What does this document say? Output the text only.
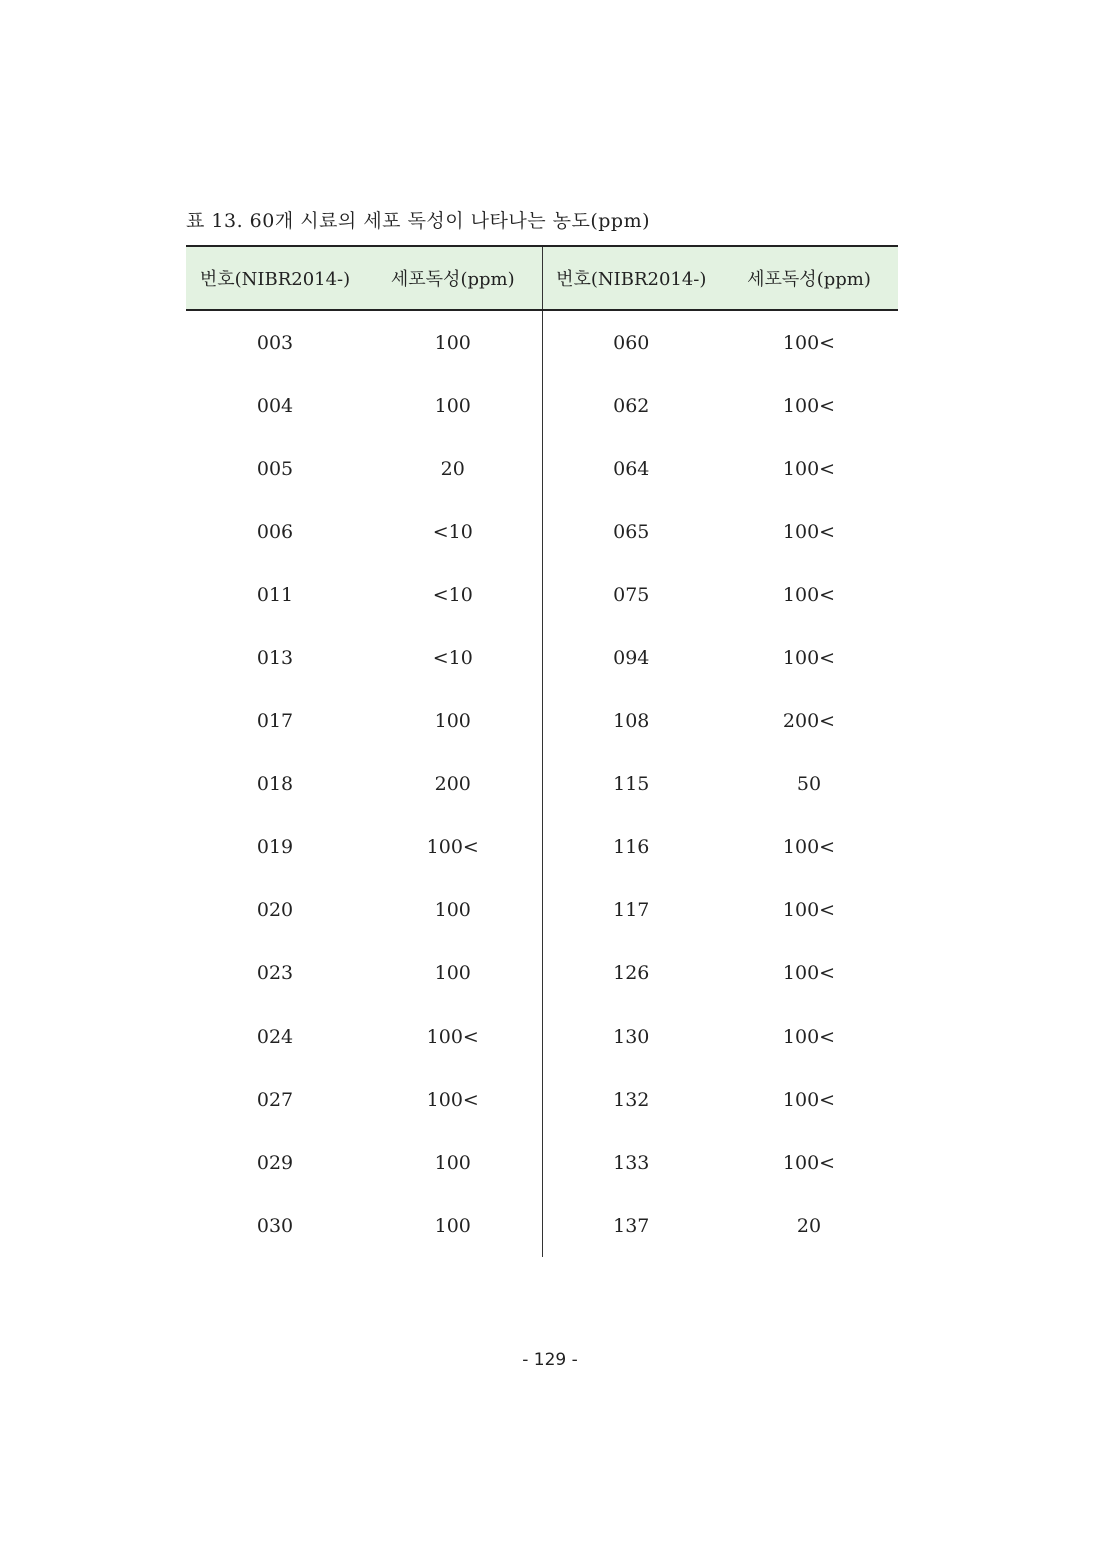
표 13. 60개 시료의 세포 독성이 나타나는 농도(ppm)
번호(NIBR2014-)	세포독성(ppm)	번호(NIBR2014-)	세포독성(ppm)
003	100	060	100<
004	100	062	100<
005	20	064	100<
006	<10	065	100<
011	<10	075	100<
013	<10	094	100<
017	100	108	200<
018	200	115	50
019	100<	116	100<
020	100	117	100<
023	100	126	100<
024	100<	130	100<
027	100<	132	100<
029	100	133	100<
030	100	137	20
- 129 -
